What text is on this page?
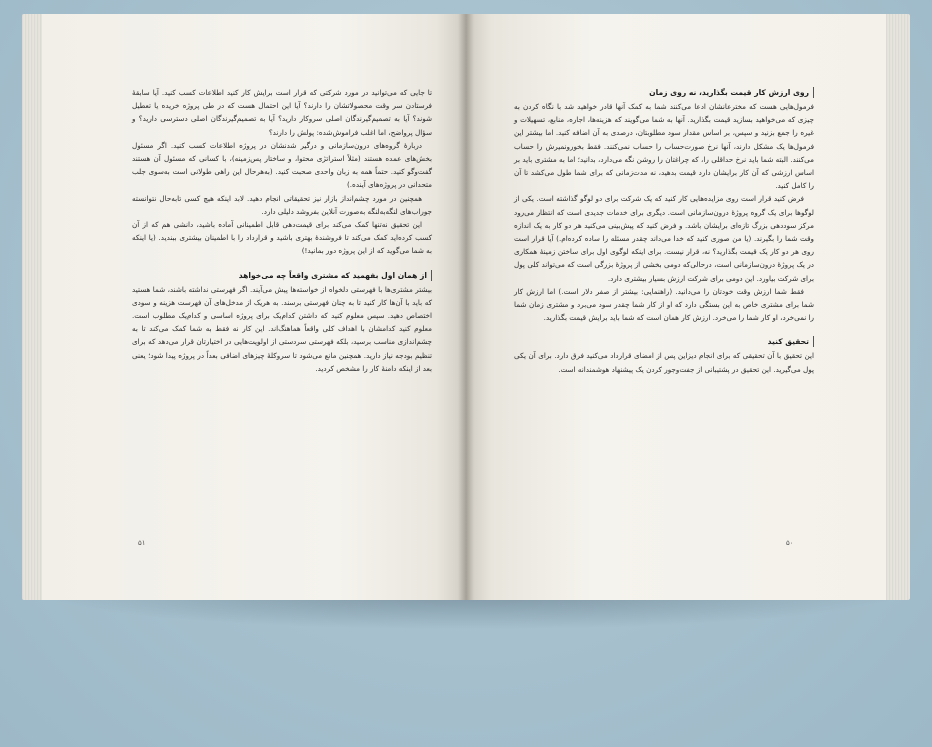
تا جایی که می‌توانید در مورد شرکتی که قرار است برایش کار کنید اطلاعات کسب کنید. آیا سابقهٔ فرستادن سر وقت محصولاتشان را دارند؟ آیا این احتمال هست که در طی پروژه خریده یا تعطیل شوند؟ آیا به تصمیم‌گیرندگان اصلی سروکار دارید؟ آیا به تصمیم‌گیرندگان اصلی دسترسی دارید؟ و سؤال پرواضح، اما اغلب فراموش‌شده: پولش را دارند؟

دربارهٔ گروه‌های درون‌سازمانی و درگیر شدنشان در پروژه اطلاعات کسب کنید. اگر مسئول بخش‌های عمده هستند (مثلاً استراتژی محتوا، و ساختار پس‌زمینه)، با کسانی که مسئول آن هستند گفت‌وگو کنید. حتماً همه به زبان واحدی صحبت کنید. (به‌هرحال این راهی طولانی است به‌سوی جلب متحدانی در پروژه‌های آینده.)

همچنین در مورد چشم‌انداز بازار نیز تحقیقاتی انجام دهید. لابد اینکه هیچ کسی تابه‌حال نتوانسته جوراب‌های لنگه‌به‌لنگه به‌صورت آنلاین بفروشد دلیلی دارد.

این تحقیق نه‌تنها کمک می‌کند برای قیمت‌دهی قابل اطمینانی آماده باشید، دانشی هم که از آن کسب کرده‌اید کمک می‌کند تا فروشندهٔ بهتری باشید و قرارداد را با اطمینان بیشتری ببندید. (یا اینکه به شما می‌گوید که از این پروژه دور بمانید!)

از همان اول بفهمید که مشتری واقعاً چه می‌خواهد

بیشتر مشتری‌ها با فهرستی دلخواه از خواسته‌ها پیش می‌آیند. اگر فهرستی نداشته باشند، شما هستید که باید با آن‌ها کار کنید تا به چنان فهرستی برسند. به هریک از مدخل‌های آن فهرست هزینه و سودی اختصاص دهید. سپس معلوم کنید که داشتن کدام‌یک برای پروژه اساسی و کدام‌یک مطلوب است. معلوم کنید کدامشان با اهداف کلی واقعاً هماهنگ‌اند. این کار نه فقط به شما کمک می‌کند تا به چشم‌اندازی مناسب برسید، بلکه فهرستی سردستی از اولویت‌هایی در اختیارتان قرار می‌دهد که برای تنظیم بودجه نیاز دارید. همچنین مانع می‌شود تا سروکلهٔ چیزهای اضافی بعداً در پروژه پیدا شود؛ یعنی بعد از اینکه دامنهٔ کار را مشخص کردید.

۵۱
روی ارزش کار قیمت بگذارید، نه روی زمان

فرمول‌هایی هست که مخترعانشان ادعا می‌کنند شما به کمک آنها قادر خواهید شد با نگاه کردن به چیزی که می‌خواهید بسازید قیمت بگذارید. آنها به شما می‌گویند که هزینه‌ها، اجاره، منابع، تسهیلات و غیره را جمع بزنید و سپس، بر اساس مقدار سود مطلوبتان، درصدی به آن اضافه کنید. اما بیشتر این فرمول‌ها یک مشکل دارند، آنها نرخ صورت‌حساب را حساب نمی‌کنند. فقط بخورونمیرش را حساب می‌کنند. البته شما باید نرخ حداقلی را، که چراغتان را روشن نگه می‌دارد، بدانید؛ اما به مشتری باید بر اساس ارزشی که آن کار برایشان دارد قیمت بدهید، نه مدت‌زمانی که برای شما طول می‌کشد تا آن را کامل کنید.

فرض کنید قرار است روی مزایده‌هایی کار کنید که یک شرکت برای دو لوگو گذاشته است. یکی از لوگوها برای یک گروه پروژهٔ درون‌سازمانی است. دیگری برای خدمات جدیدی است که انتظار می‌رود مرکز سوددهی بزرگ تازه‌ای برایشان باشد. و فرض کنید که پیش‌بینی می‌کنید هر دو کار به یک اندازه وقت شما را بگیرند. (یا من صوری کنید که خدا می‌داند چقدر مسئله را ساده کرده‌ام.) آیا قرار است روی هر دو کار یک قیمت بگذارید؟ نه، قرار نیست. برای اینکه لوگوی اول برای ساختن زمینهٔ همکاری در یک پروژهٔ درون‌سازمانی است، درحالی‌که دومی بخشی از پروژهٔ بزرگی است که می‌تواند کلی پول برای شرکت بیاورد. این دومی برای شرکت ارزش بسیار بیشتری دارد.

فقط شما ارزش وقت خودتان را می‌دانید. (راهنمایی: بیشتر از صفر دلار است.) اما ارزش کار شما برای مشتری خاص به این بستگی دارد که او از کار شما چقدر سود می‌برد و مشتری زمان شما را نمی‌خرد، او کار شما را می‌خرد. ارزش کار همان است که شما باید برایش قیمت بگذارید.

تحقیق کنید

این تحقیق با آن تحقیقی که برای انجام دیزاین پس از امضای قرارداد می‌کنید فرق دارد. برای آن یکی پول می‌گیرید. این تحقیق در پشتیبانی از جفت‌وجور کردن یک پیشنهاد هوشمندانه است.

۵۰
